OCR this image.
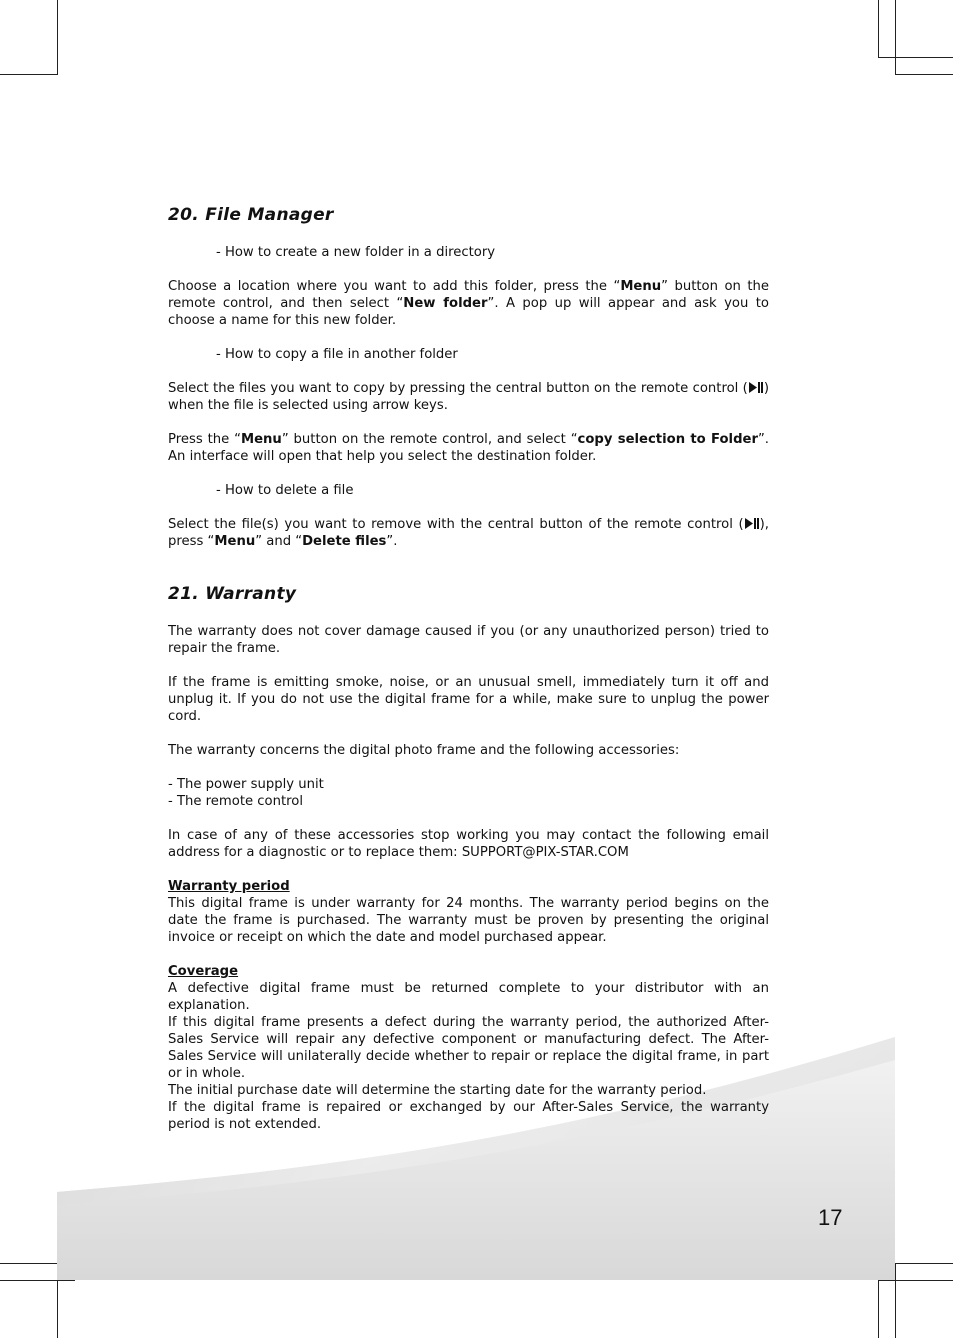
20. File Manager

- How to create a new folder in a directory

Choose a location where you want to add this folder, press the “Menu” button on the remote control, and then select “New folder”. A pop up will appear and ask you to choose a name for this new folder.

- How to copy a file in another folder

Select the files you want to copy by pressing the central button on the remote control ( ) when the file is selected using arrow keys.

Press the “Menu” button on the remote control, and select “copy selection to Folder”. An interface will open that help you select the destination folder.

- How to delete a file

Select the file(s) you want to remove with the central button of the remote control ( ), press “Menu” and “Delete files”.

21. Warranty

The warranty does not cover damage caused if you (or any unauthorized person) tried to repair the frame.

If the frame is emitting smoke, noise, or an unusual smell, immediately turn it off and unplug it. If you do not use the digital frame for a while, make sure to unplug the power cord.

The warranty concerns the digital photo frame and the following accessories:

- The power supply unit

- The remote control

In case of any of these accessories stop working you may contact the following email address for a diagnostic or to replace them: SUPPORT@PIX-STAR.COM

Warranty period

This digital frame is under warranty for 24 months. The warranty period begins on the date the frame is purchased. The warranty must be proven by presenting the original invoice or receipt on which the date and model purchased appear.

Coverage

A defective digital frame must be returned complete to your distributor with an explanation.
If this digital frame presents a defect during the warranty period, the authorized After-Sales Service will repair any defective component or manufacturing defect. The After-Sales Service will unilaterally decide whether to repair or replace the digital frame, in part or in whole.
The initial purchase date will determine the starting date for the warranty period.
If the digital frame is repaired or exchanged by our After-Sales Service, the warranty period is not extended.

17
